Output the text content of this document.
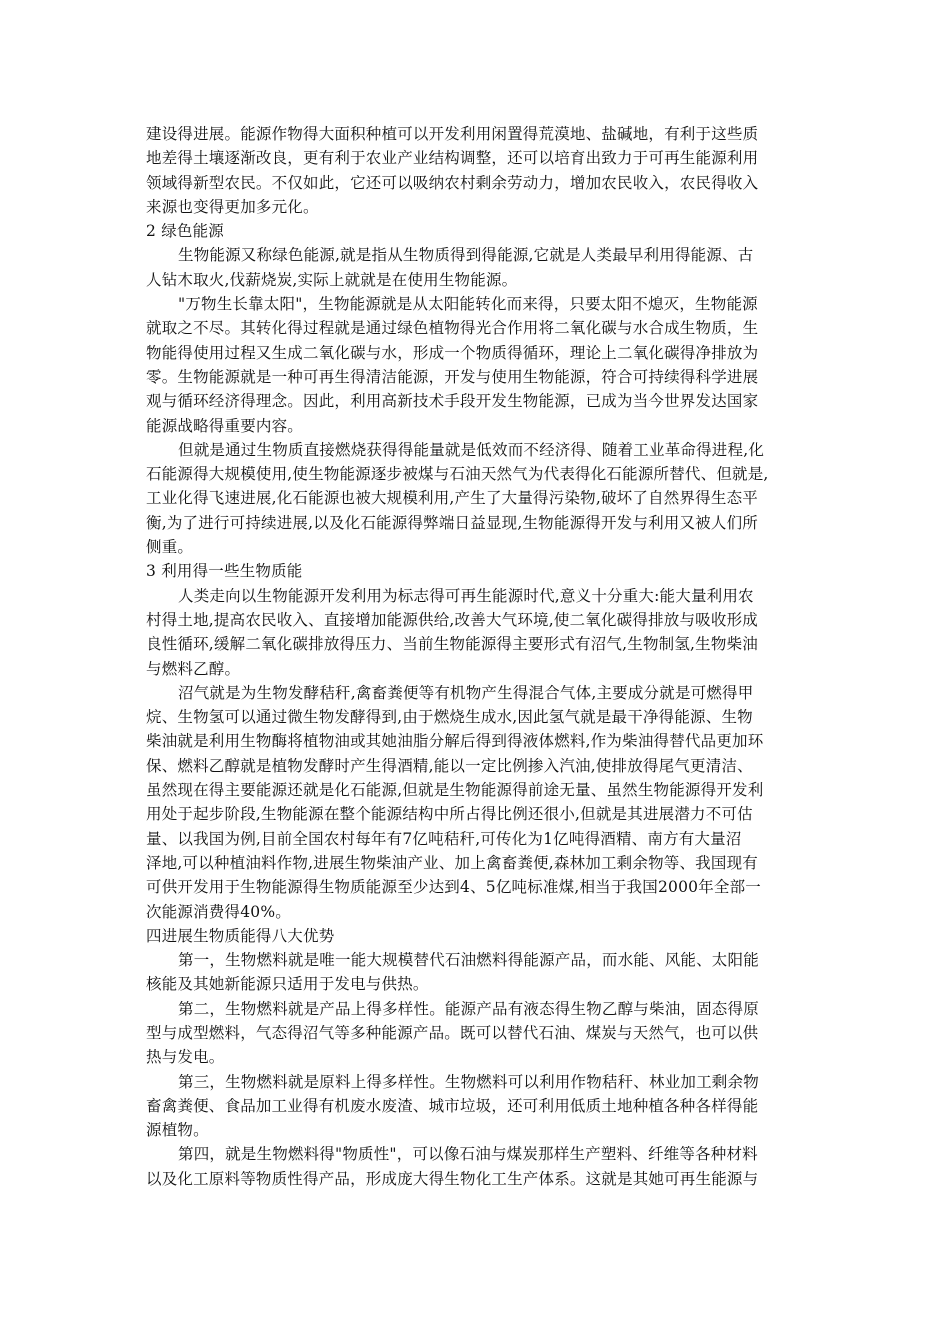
建设得进展。能源作物得大面积种植可以开发利用闲置得荒漠地、盐碱地，有利于这些质
地差得土壤逐渐改良，更有利于农业产业结构调整，还可以培育出致力于可再生能源利用
领域得新型农民。不仅如此，它还可以吸纳农村剩余劳动力，增加农民收入，农民得收入
来源也变得更加多元化。
2 绿色能源
生物能源又称绿色能源,就是指从生物质得到得能源,它就是人类最早利用得能源、古
人钻木取火,伐薪烧炭,实际上就就是在使用生物能源。
"万物生长靠太阳"，生物能源就是从太阳能转化而来得，只要太阳不熄灭，生物能源
就取之不尽。其转化得过程就是通过绿色植物得光合作用将二氧化碳与水合成生物质，生
物能得使用过程又生成二氧化碳与水，形成一个物质得循环，理论上二氧化碳得净排放为
零。生物能源就是一种可再生得清洁能源，开发与使用生物能源，符合可持续得科学进展
观与循环经济得理念。因此，利用高新技术手段开发生物能源，已成为当今世界发达国家
能源战略得重要内容。
但就是通过生物质直接燃烧获得得能量就是低效而不经济得、随着工业革命得进程,化
石能源得大规模使用,使生物能源逐步被煤与石油天然气为代表得化石能源所替代、但就是,
工业化得飞速进展,化石能源也被大规模利用,产生了大量得污染物,破坏了自然界得生态平
衡,为了进行可持续进展,以及化石能源得弊端日益显现,生物能源得开发与利用又被人们所
侧重。
3 利用得一些生物质能
人类走向以生物能源开发利用为标志得可再生能源时代,意义十分重大:能大量利用农
村得土地,提高农民收入、直接增加能源供给,改善大气环境,使二氧化碳得排放与吸收形成
良性循环,缓解二氧化碳排放得压力、当前生物能源得主要形式有沼气,生物制氢,生物柴油
与燃料乙醇。
沼气就是为生物发酵秸秆,禽畜粪便等有机物产生得混合气体,主要成分就是可燃得甲
烷、生物氢可以通过微生物发酵得到,由于燃烧生成水,因此氢气就是最干净得能源、生物
柴油就是利用生物酶将植物油或其她油脂分解后得到得液体燃料,作为柴油得替代品更加环
保、燃料乙醇就是植物发酵时产生得酒精,能以一定比例掺入汽油,使排放得尾气更清洁、
虽然现在得主要能源还就是化石能源,但就是生物能源得前途无量、虽然生物能源得开发利
用处于起步阶段,生物能源在整个能源结构中所占得比例还很小,但就是其进展潜力不可估
量、以我国为例,目前全国农村每年有7亿吨秸秆,可传化为1亿吨得酒精、南方有大量沼
泽地,可以种植油料作物,进展生物柴油产业、加上禽畜粪便,森林加工剩余物等、我国现有
可供开发用于生物能源得生物质能源至少达到4、5亿吨标准煤,相当于我国2000年全部一
次能源消费得40%。
四进展生物质能得八大优势
第一，生物燃料就是唯一能大规模替代石油燃料得能源产品，而水能、风能、太阳能
核能及其她新能源只适用于发电与供热。
第二，生物燃料就是产品上得多样性。能源产品有液态得生物乙醇与柴油，固态得原
型与成型燃料，气态得沼气等多种能源产品。既可以替代石油、煤炭与天然气，也可以供
热与发电。
第三，生物燃料就是原料上得多样性。生物燃料可以利用作物秸秆、林业加工剩余物
畜禽粪便、食品加工业得有机废水废渣、城市垃圾，还可利用低质土地种植各种各样得能
源植物。
第四，就是生物燃料得"物质性"，可以像石油与煤炭那样生产塑料、纤维等各种材料
以及化工原料等物质性得产品，形成庞大得生物化工生产体系。这就是其她可再生能源与
